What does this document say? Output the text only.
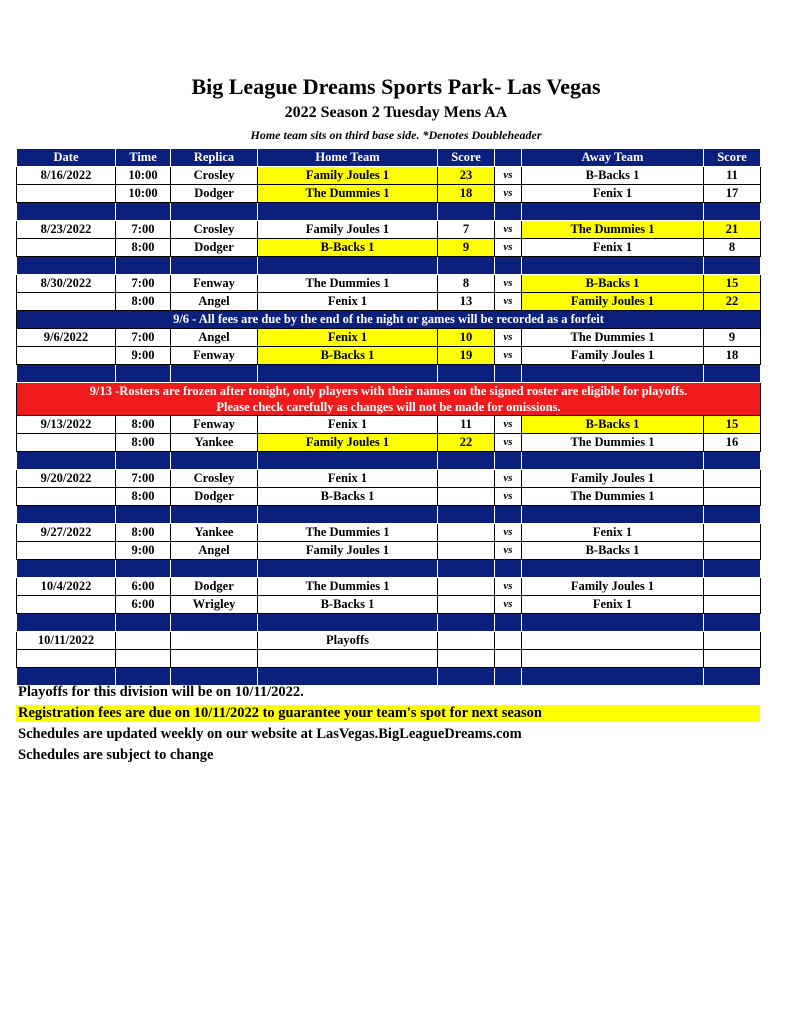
Big League Dreams Sports Park- Las Vegas
2022 Season 2 Tuesday Mens AA
Home team sits on third base side. *Denotes Doubleheader
Date	Time	Replica	Home Team	Score		Away Team	Score
8/16/2022	10:00	Crosley	Family Joules 1	23	vs	B-Backs 1	11
	10:00	Dodger	The Dummies 1	18	vs	Fenix 1	17

8/23/2022	7:00	Crosley	Family Joules 1	7	vs	The Dummies 1	21
	8:00	Dodger	B-Backs 1	9	vs	Fenix 1	8

8/30/2022	7:00	Fenway	The Dummies 1	8	vs	B-Backs 1	15
	8:00	Angel	Fenix 1	13	vs	Family Joules 1	22
9/6 - All fees are due by the end of the night or games will be recorded as a forfeit							
9/6/2022	7:00	Angel	Fenix 1	10	vs	The Dummies 1	9
	9:00	Fenway	B-Backs 1	19	vs	Family Joules 1	18

9/13 -Rosters are frozen after tonight, only players with their names on the signed roster are eligible for playoffs.
Please check carefully as changes will not be made for omissions.							

9/13/2022	8:00	Fenway	Fenix 1	11	vs	B-Backs 1	15
	8:00	Yankee	Family Joules 1	22	vs	The Dummies 1	16

9/20/2022	7:00	Crosley	Fenix 1		vs	Family Joules 1	
	8:00	Dodger	B-Backs 1		vs	The Dummies 1	

9/27/2022	8:00	Yankee	The Dummies 1		vs	Fenix 1	
	9:00	Angel	Family Joules 1		vs	B-Backs 1	

10/4/2022	6:00	Dodger	The Dummies 1		vs	Family Joules 1	
	6:00	Wrigley	B-Backs 1		vs	Fenix 1	

10/11/2022			Playoffs				

Playoffs for this division will be on 10/11/2022.
Registration fees are due on 10/11/2022 to guarantee your team's spot for next season
Schedules are updated weekly on our website at LasVegas.BigLeagueDreams.com
Schedules are subject to change
